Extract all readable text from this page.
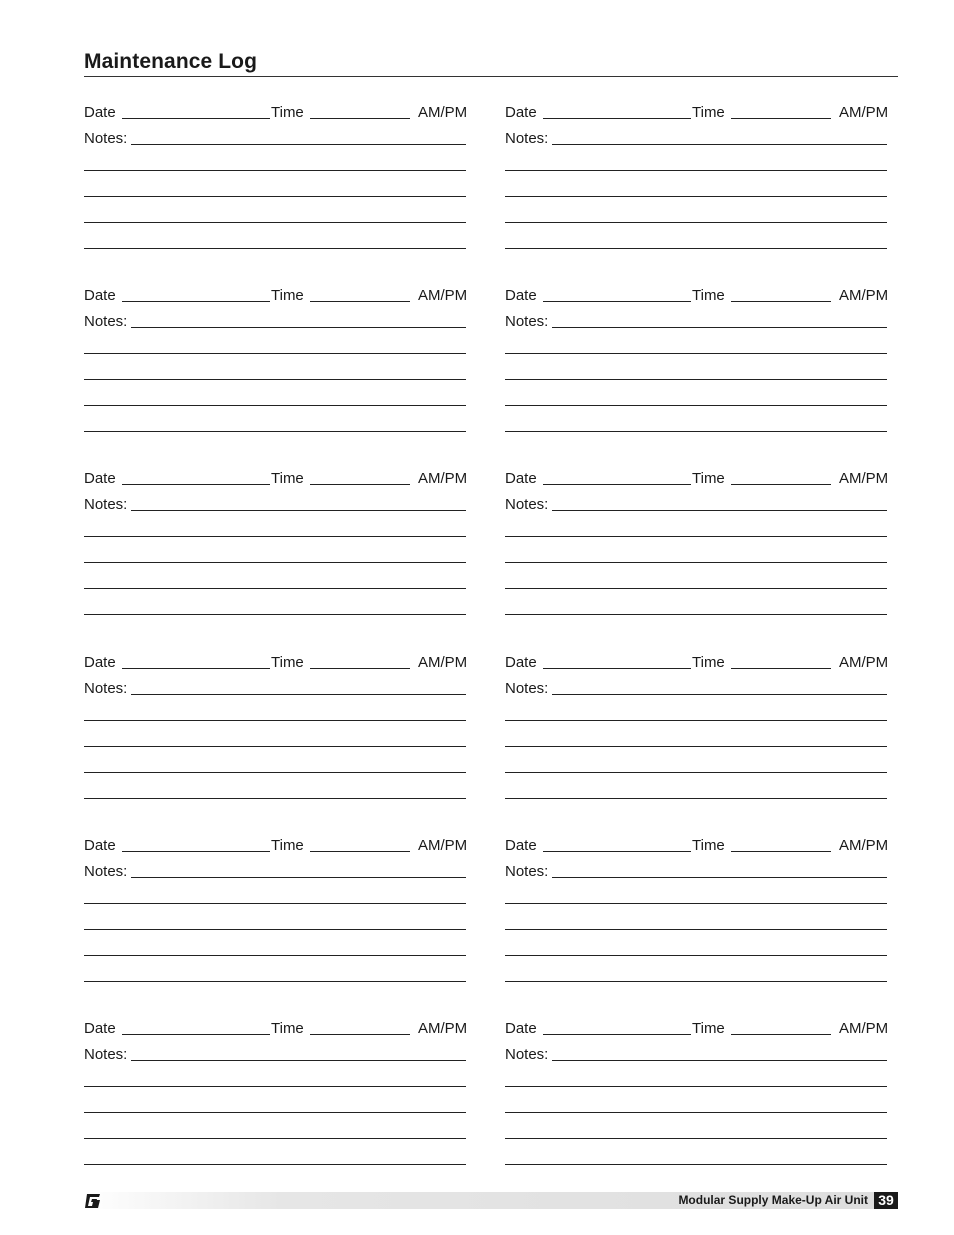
Maintenance Log
Date	Time	AM/PM
Notes:
Date	Time	AM/PM
Notes:
Date	Time	AM/PM
Notes:
Date	Time	AM/PM
Notes:
Date	Time	AM/PM
Notes:
Date	Time	AM/PM
Notes:
Date	Time	AM/PM
Notes:
Date	Time	AM/PM
Notes:
Date	Time	AM/PM
Notes:
Date	Time	AM/PM
Notes:
Date	Time	AM/PM
Notes:
Date	Time	AM/PM
Notes:
Modular Supply Make-Up Air Unit 39
